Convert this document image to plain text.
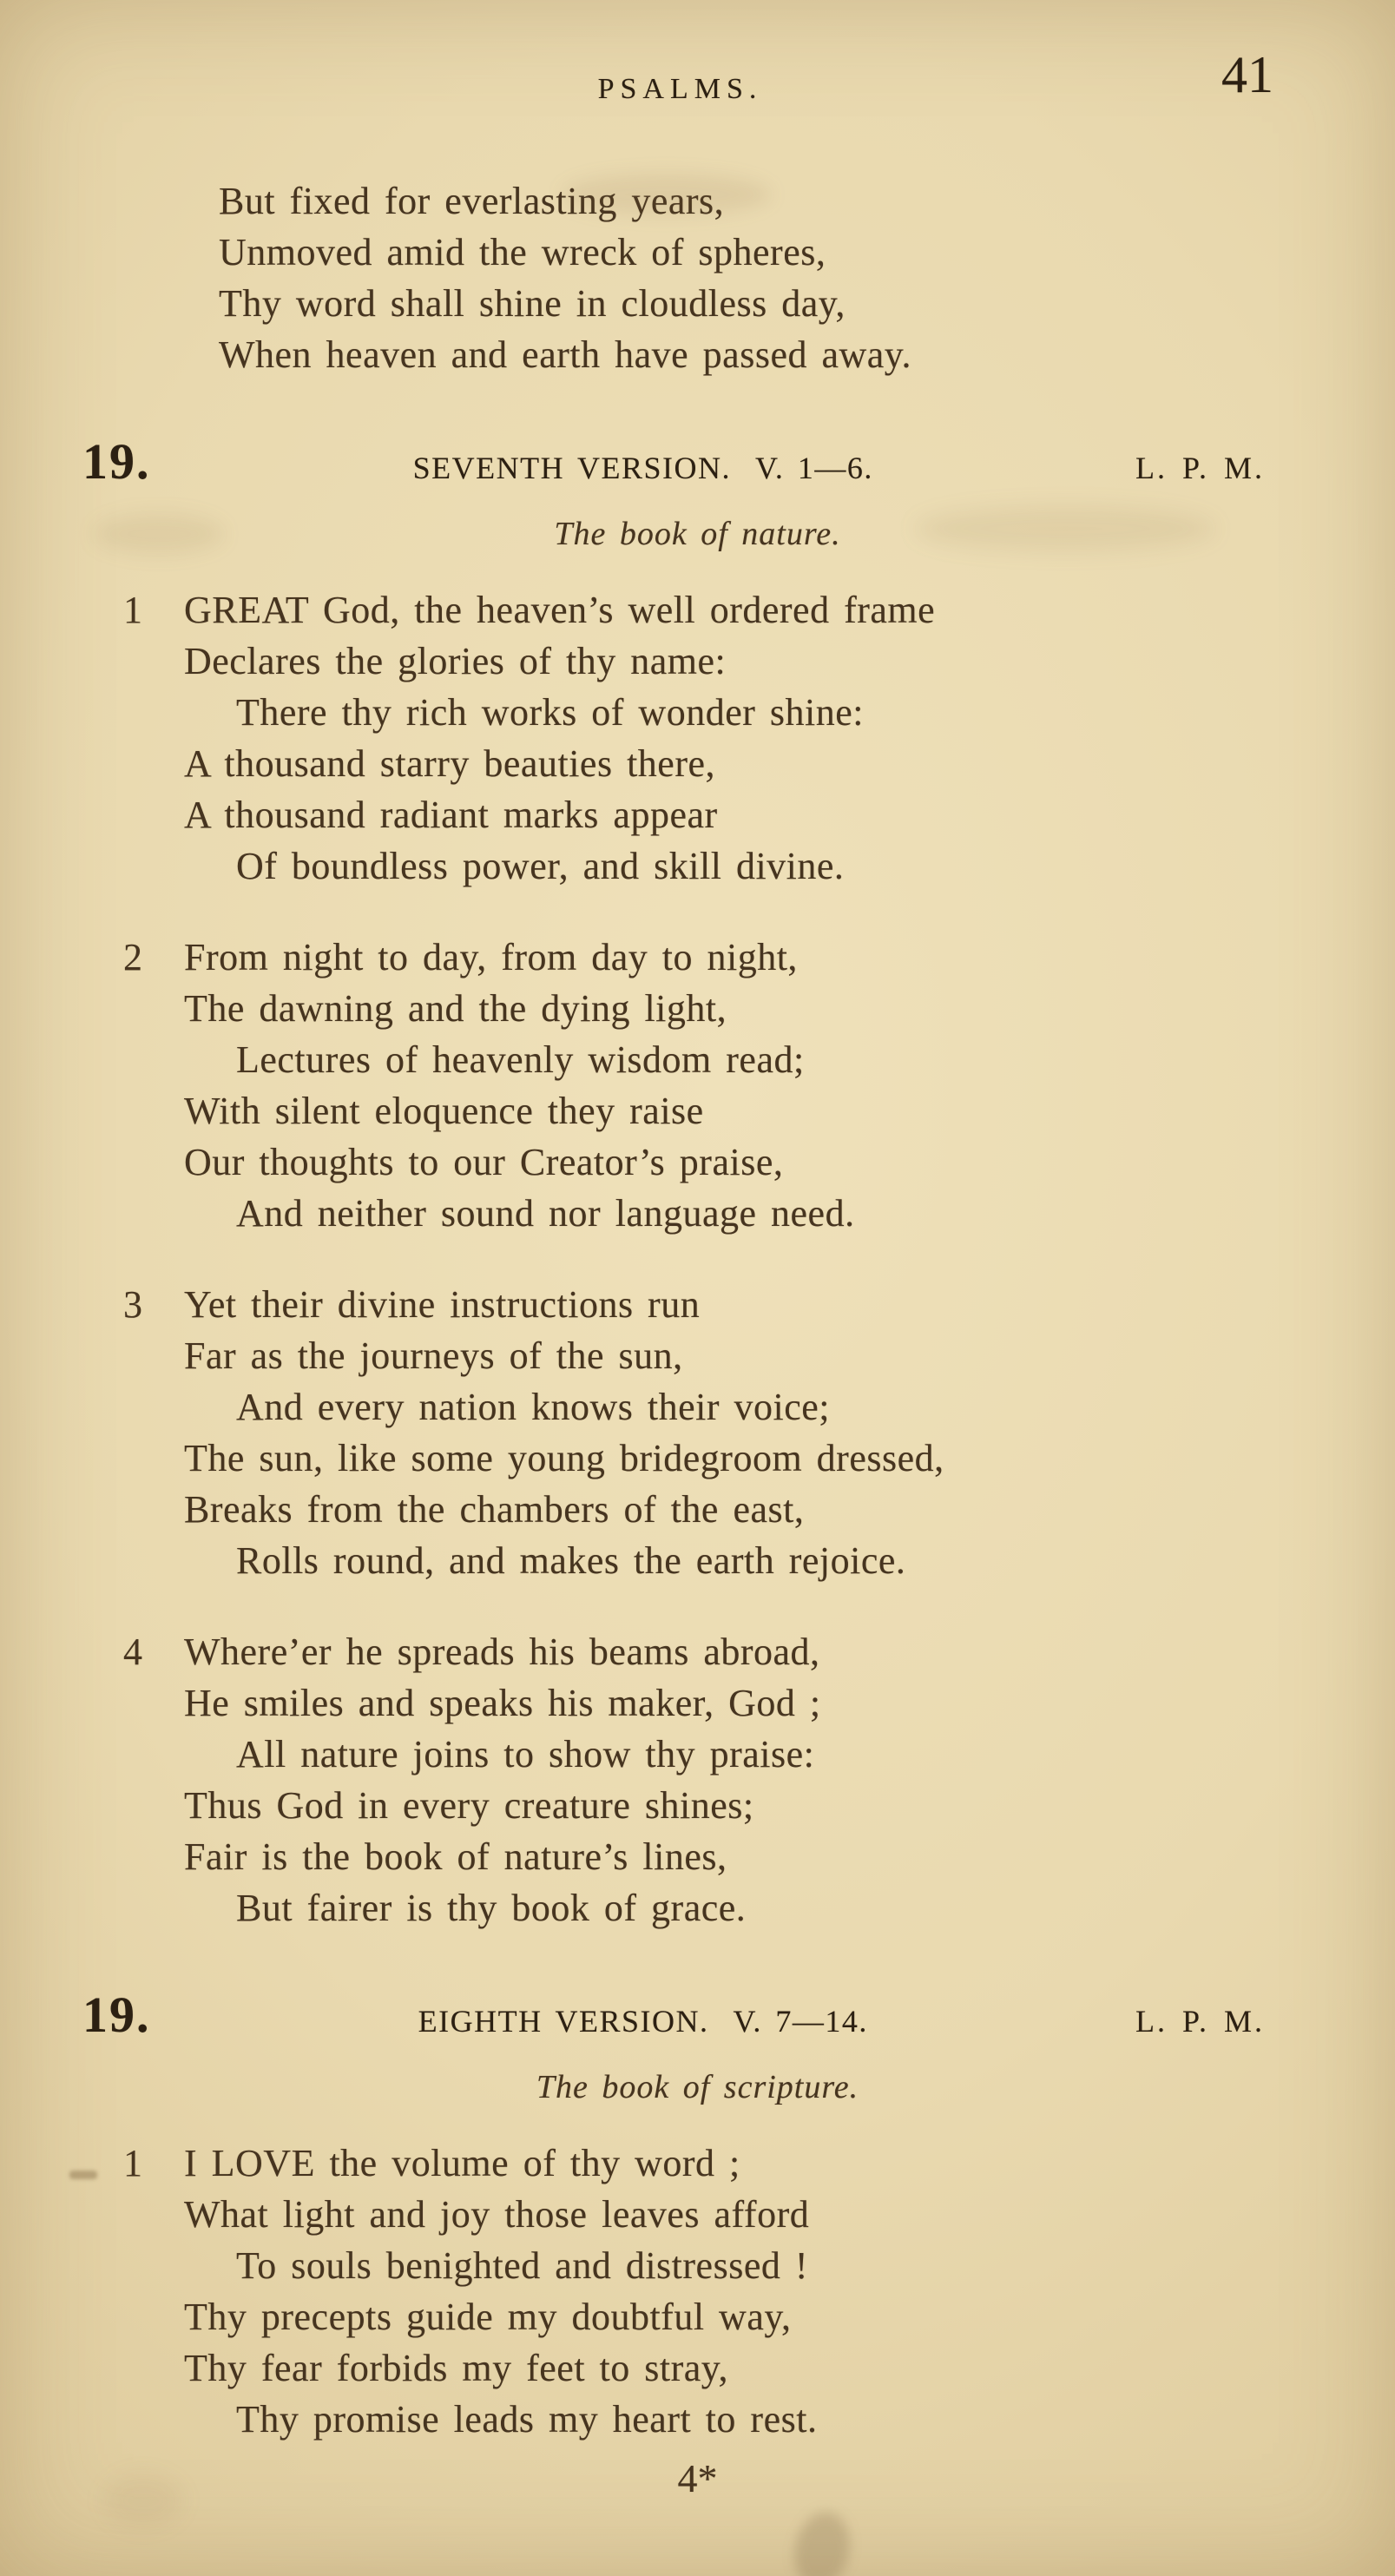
PSALMS.	41
But fixed for everlasting years,
Unmoved amid the wreck of spheres,
Thy word shall shine in cloudless day,
When heaven and earth have passed away.
19.	SEVENTH VERSION. V. 1—6.	L. P. M.
The book of nature.
1 GREAT God, the heaven’s well ordered frame
Declares the glories of thy name:
There thy rich works of wonder shine:
A thousand starry beauties there,
A thousand radiant marks appear
Of boundless power, and skill divine.
2 From night to day, from day to night,
The dawning and the dying light,
Lectures of heavenly wisdom read;
With silent eloquence they raise
Our thoughts to our Creator’s praise,
And neither sound nor language need.
3 Yet their divine instructions run
Far as the journeys of the sun,
And every nation knows their voice;
The sun, like some young bridegroom dressed,
Breaks from the chambers of the east,
Rolls round, and makes the earth rejoice.
4 Where’er he spreads his beams abroad,
He smiles and speaks his maker, God ;
All nature joins to show thy praise:
Thus God in every creature shines;
Fair is the book of nature’s lines,
But fairer is thy book of grace.
19.	EIGHTH VERSION. V. 7—14.	L. P. M.
The book of scripture.
1 I LOVE the volume of thy word ;
What light and joy those leaves afford
To souls benighted and distressed !
Thy precepts guide my doubtful way,
Thy fear forbids my feet to stray,
Thy promise leads my heart to rest.
4*
